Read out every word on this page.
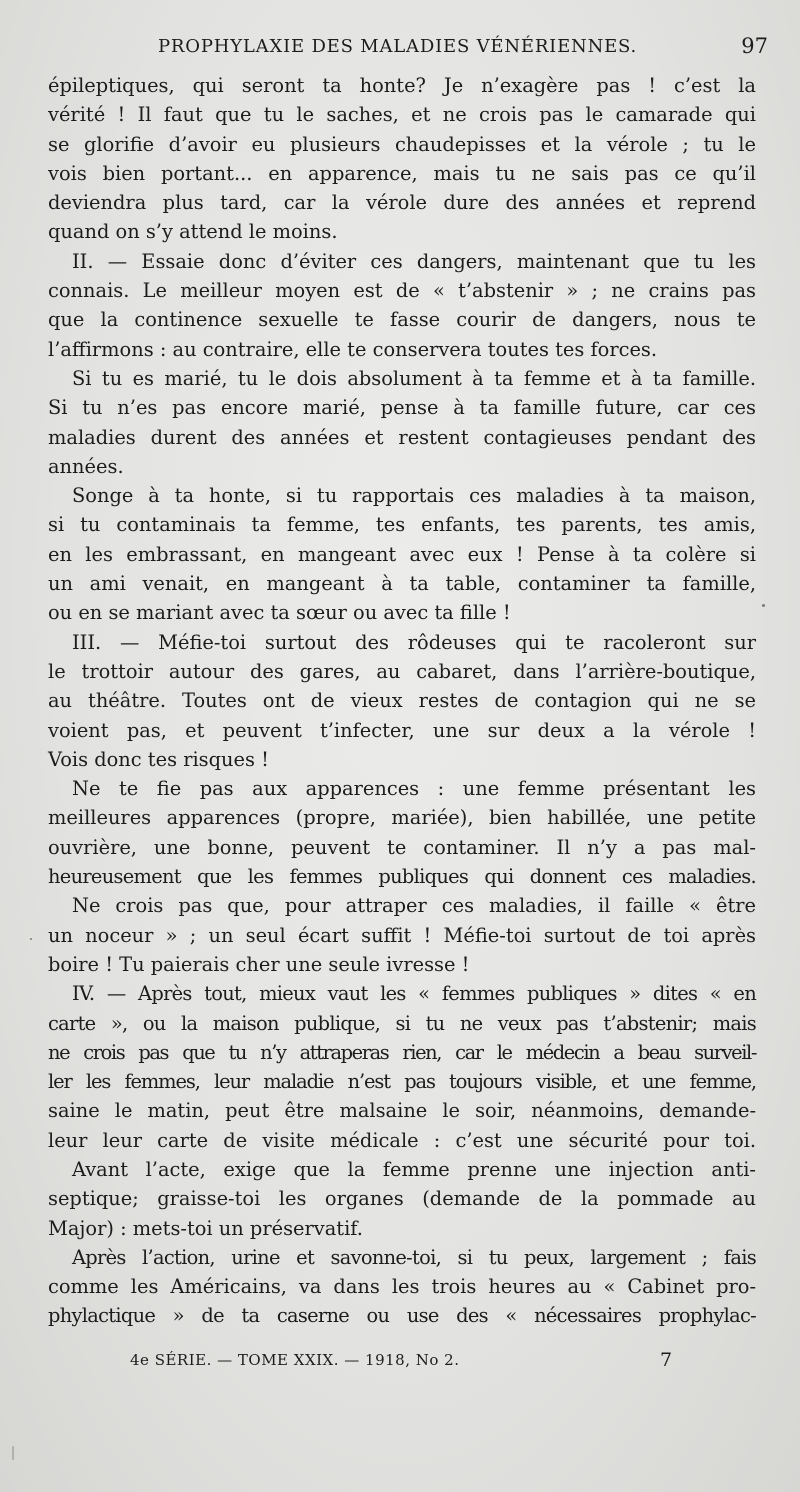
PROPHYLAXIE DES MALADIES VÉNÉRIENNES.	97
épileptiques, qui seront ta honte? Je n’exagère pas ! c’est la
vérité ! Il faut que tu le saches, et ne crois pas le camarade qui
se glorifie d’avoir eu plusieurs chaudepisses et la vérole ; tu le
vois bien portant... en apparence, mais tu ne sais pas ce qu’il
deviendra plus tard, car la vérole dure des années et reprend
quand on s’y attend le moins.
II. — Essaie donc d’éviter ces dangers, maintenant que tu les
connais. Le meilleur moyen est de « t’abstenir » ; ne crains pas
que la continence sexuelle te fasse courir de dangers, nous te
l’affirmons : au contraire, elle te conservera toutes tes forces.
Si tu es marié, tu le dois absolument à ta femme et à ta famille.
Si tu n’es pas encore marié, pense à ta famille future, car ces
maladies durent des années et restent contagieuses pendant des
années.
Songe à ta honte, si tu rapportais ces maladies à ta maison,
si tu contaminais ta femme, tes enfants, tes parents, tes amis,
en les embrassant, en mangeant avec eux ! Pense à ta colère si
un ami venait, en mangeant à ta table, contaminer ta famille,
ou en se mariant avec ta sœur ou avec ta fille !
III. — Méfie-toi surtout des rôdeuses qui te racoleront sur
le trottoir autour des gares, au cabaret, dans l’arrière-boutique,
au théâtre. Toutes ont de vieux restes de contagion qui ne se
voient pas, et peuvent t’infecter, une sur deux a la vérole !
Vois donc tes risques !
Ne te fie pas aux apparences : une femme présentant les
meilleures apparences (propre, mariée), bien habillée, une petite
ouvrière, une bonne, peuvent te contaminer. Il n’y a pas mal-
heureusement que les femmes publiques qui donnent ces maladies.
Ne crois pas que, pour attraper ces maladies, il faille « être
un noceur » ; un seul écart suffit ! Méfie-toi surtout de toi après
boire ! Tu paierais cher une seule ivresse !
IV. — Après tout, mieux vaut les « femmes publiques » dites « en
carte », ou la maison publique, si tu ne veux pas t’abstenir; mais
ne crois pas que tu n’y attraperas rien, car le médecin a beau surveil-
ler les femmes, leur maladie n’est pas toujours visible, et une femme,
saine le matin, peut être malsaine le soir, néanmoins, demande-
leur leur carte de visite médicale : c’est une sécurité pour toi.
Avant l’acte, exige que la femme prenne une injection anti-
septique; graisse-toi les organes (demande de la pommade au
Major) : mets-toi un préservatif.
Après l’action, urine et savonne-toi, si tu peux, largement ; fais
comme les Américains, va dans les trois heures au « Cabinet pro-
phylactique » de ta caserne ou use des « nécessaires prophylac-
4e SÉRIE. — TOME XXIX. — 1918, No 2.	7
